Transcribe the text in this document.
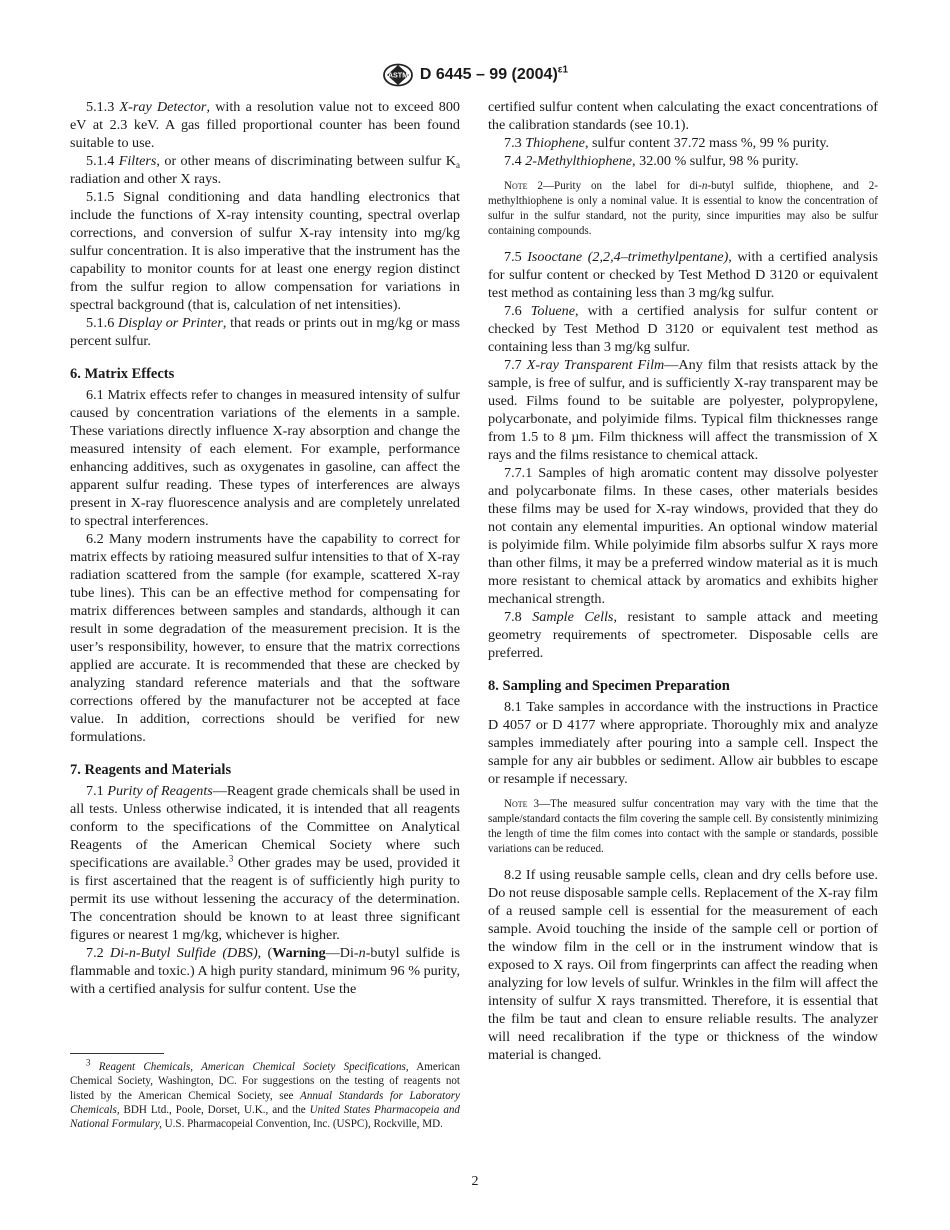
ASTM D 6445 – 99 $(2004)^{\varepsilon 1}$

5.1.3 X-ray Detector, with a resolution value not to exceed 800 eV at 2.3 keV. A gas filled proportional counter has been found suitable to use.

5.1.4 Filters, or other means of discriminating between sulfur $K_a$ radiation and other X rays.

5.1.5 Signal conditioning and data handling electronics that include the functions of X-ray intensity counting, spectral overlap corrections, and conversion of sulfur X-ray intensity into mg/kg sulfur concentration. It is also imperative that the instrument has the capability to monitor counts for at least one energy region distinct from the sulfur region to allow compensation for variations in spectral background (that is, calculation of net intensities).

5.1.6 Display or Printer, that reads or prints out in mg/kg or mass percent sulfur.

6. Matrix Effects

6.1 Matrix effects refer to changes in measured intensity of sulfur caused by concentration variations of the elements in a sample. These variations directly influence X-ray absorption and change the measured intensity of each element. For example, performance enhancing additives, such as oxygenates in gasoline, can affect the apparent sulfur reading. These types of interferences are always present in X-ray fluorescence analysis and are completely unrelated to spectral interferences.

6.2 Many modern instruments have the capability to correct for matrix effects by ratioing measured sulfur intensities to that of X-ray radiation scattered from the sample (for example, scattered X-ray tube lines). This can be an effective method for compensating for matrix differences between samples and standards, although it can result in some degradation of the measurement precision. It is the user’s responsibility, however, to ensure that the matrix corrections applied are accurate. It is recommended that these are checked by analyzing standard reference materials and that the software corrections offered by the manufacturer not be accepted at face value. In addition, corrections should be verified for new formulations.

7. Reagents and Materials

7.1 Purity of Reagents—Reagent grade chemicals shall be used in all tests. Unless otherwise indicated, it is intended that all reagents conform to the specifications of the Committee on Analytical Reagents of the American Chemical Society where such specifications are available.$^3$ Other grades may be used, provided it is first ascertained that the reagent is of sufficiently high purity to permit its use without lessening the accuracy of the determination. The concentration should be known to at least three significant figures or nearest 1 mg/kg, whichever is higher.

7.2 Di-n-Butyl Sulfide (DBS), (Warning—Di-n-butyl sulfide is flammable and toxic.) A high purity standard, minimum 96 % purity, with a certified analysis for sulfur content. Use the

certified sulfur content when calculating the exact concentrations of the calibration standards (see 10.1).

7.3 Thiophene, sulfur content 37.72 mass %, 99 % purity.

7.4 2-Methylthiophene, 32.00 % sulfur, 98 % purity.

Note 2—Purity on the label for di-n-butyl sulfide, thiophene, and 2-methylthiophene is only a nominal value. It is essential to know the concentration of sulfur in the sulfur standard, not the purity, since impurities may also be sulfur containing compounds.

7.5 Isooctane (2,2,4–trimethylpentane), with a certified analysis for sulfur content or checked by Test Method D 3120 or equivalent test method as containing less than 3 mg/kg sulfur.

7.6 Toluene, with a certified analysis for sulfur content or checked by Test Method D 3120 or equivalent test method as containing less than 3 mg/kg sulfur.

7.7 X-ray Transparent Film—Any film that resists attack by the sample, is free of sulfur, and is sufficiently X-ray transparent may be used. Films found to be suitable are polyester, polypropylene, polycarbonate, and polyimide films. Typical film thicknesses range from 1.5 to 8 µm. Film thickness will affect the transmission of X rays and the films resistance to chemical attack.

7.7.1 Samples of high aromatic content may dissolve polyester and polycarbonate films. In these cases, other materials besides these films may be used for X-ray windows, provided that they do not contain any elemental impurities. An optional window material is polyimide film. While polyimide film absorbs sulfur X rays more than other films, it may be a preferred window material as it is much more resistant to chemical attack by aromatics and exhibits higher mechanical strength.

7.8 Sample Cells, resistant to sample attack and meeting geometry requirements of spectrometer. Disposable cells are preferred.

8. Sampling and Specimen Preparation

8.1 Take samples in accordance with the instructions in Practice D 4057 or D 4177 where appropriate. Thoroughly mix and analyze samples immediately after pouring into a sample cell. Inspect the sample for any air bubbles or sediment. Allow air bubbles to escape or resample if necessary.

Note 3—The measured sulfur concentration may vary with the time that the sample/standard contacts the film covering the sample cell. By consistently minimizing the length of time the film comes into contact with the sample or standards, possible variations can be reduced.

8.2 If using reusable sample cells, clean and dry cells before use. Do not reuse disposable sample cells. Replacement of the X-ray film of a reused sample cell is essential for the measurement of each sample. Avoid touching the inside of the sample cell or portion of the window film in the cell or in the instrument window that is exposed to X rays. Oil from fingerprints can affect the reading when analyzing for low levels of sulfur. Wrinkles in the film will affect the intensity of sulfur X rays transmitted. Therefore, it is essential that the film be taut and clean to ensure reliable results. The analyzer will need recalibration if the type or thickness of the window material is changed.

$^3$ Reagent Chemicals, American Chemical Society Specifications, American Chemical Society, Washington, DC. For suggestions on the testing of reagents not listed by the American Chemical Society, see Annual Standards for Laboratory Chemicals, BDH Ltd., Poole, Dorset, U.K., and the United States Pharmacopeia and National Formulary, U.S. Pharmacopeial Convention, Inc. (USPC), Rockville, MD.

2
